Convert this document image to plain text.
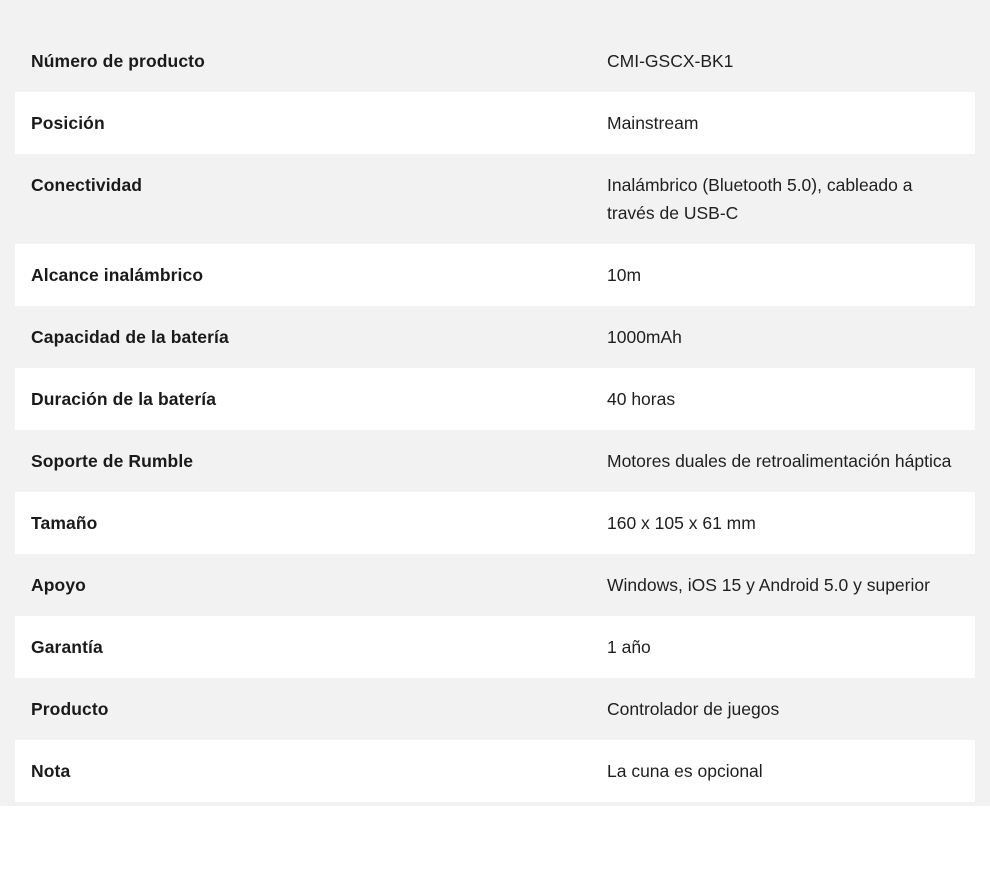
Número de producto	CMI-GSCX-BK1
Posición	Mainstream
Conectividad	Inalámbrico (Bluetooth 5.0), cableado a través de USB-C
Alcance inalámbrico	10m
Capacidad de la batería	1000mAh
Duración de la batería	40 horas
Soporte de Rumble	Motores duales de retroalimentación háptica
Tamaño	160 x 105 x 61 mm
Apoyo	Windows, iOS 15 y Android 5.0 y superior
Garantía	1 año
Producto	Controlador de juegos
Nota	La cuna es opcional
